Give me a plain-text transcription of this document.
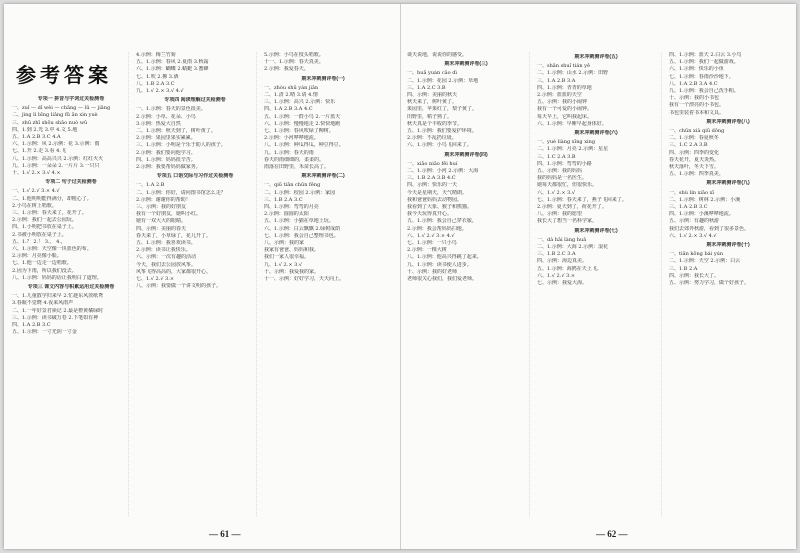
参考答案
专项一 拼音与字词过关检测卷
一、zuǐ — dǐ wèi — chǎng — lǜ — jiāng
二、jìng lì bīng liǎng fǔ ǎn xìn yuè
三、zhū zhī shōu shāo nuò wǔ
四、1.到 2.光 3.中 4.文 5.地
五、1.A 2.B 3.C 4.A
六、1.示例：风 2.示例：花 3.示例：雨
七、1.开 2.走 3.看 4.飞
八、1.示例：高高兴兴 2.示例：红红火火
九、1.示例：一朵朵 2.一片片 3.一只只
十、1.√ 2.× 3.√ 4.×
专项二 句子过关检测卷
一、1.√ 2.√ 3.× 4.√
二、1.他明明能得满分，却粗心了。
2.小鸟在树上唱歌。
三、1.示例：春天来了，花开了。
2.示例：我们一起去公园玩。
四、1.小明把书放在桌子上。
2.书被小明放在桌子上。
五、1.？ 2.！ 3.。 4.，
六、1.示例：天空像一块蓝色的布。
2.示例：月亮像小船。
七、1.他一边走一边唱歌。
2.因为下雨，所以我们没去。
八、1.示例：妈妈的话让我明白了道理。
专项三 课文内容与积累运用过关检测卷
一、1.儿童散学归来早 2.忙趁东风放纸鸢
3.春眠不觉晓 4.夜来风雨声
二、1.一年好景君须记 2.最是橙黄橘绿时
三、1.示例：读书破万卷 2.下笔如有神
四、1.A 2.B 3.C
五、1.示例：一寸光阴一寸金
4.示例：梅兰竹菊
五、1.示例：春风 2.夏雨 3.秋霜
六、1.示例：蝴蝶 2.蜻蜓 3.蜜蜂
七、1.吹 2.拂 3.洒
八、1.B 2.A 3.C
九、1.√ 2.× 3.√ 4.√
专项四 阅读理解过关检测卷
一、1.示例：春天的景色很美。
2.示例：小草、花朵、小鸟
3.示例：热爱大自然
二、1.示例：秋天到了，树叶黄了。
2.示例：果园里果实累累。
三、1.示例：小明是个乐于助人的孩子。
2.示例：我们要向他学习。
四、1.示例：妈妈很辛苦。
2.示例：我要帮妈妈做家务。
专项五 口语交际与习作过关检测卷
一、1.A 2.B
二、1.示例：你好，请问图书馆怎么走？
2.示例：谢谢你的帮助！
三、示例：我的好朋友
我有一个好朋友，她叫小红。
她有一双大大的眼睛。
四、示例：美丽的春天
春天来了，小草绿了，花儿开了。
五、1.示例：我喜欢读书。
2.示例：读书让我快乐。
六、示例：一次有趣的活动
今天，我们去公园放风筝。
风筝飞得高高的，大家都很开心。
七、1.√ 2.√ 3.×
八、示例：我要做一个讲文明的孩子。
5.示例：小鸟在枝头唱歌。
十一、1.示例：春天真美。
2.示例：我爱春天。
期末冲刺测评卷(一)
一、zhòu shū yán jiǎn
二、1.清 2.晴 3.请 4.情
三、1.示例：高兴 2.示例：快乐
四、1.A 2.B 3.A 4.C
五、1.示例：一群小鸟 2.一片蓝天
六、1.示例：慢慢地走 2.快快地跑
七、1.示例：春风吹绿了柳树。
2.示例：小河哗哗地流。
八、1.示例：种瓜得瓜，种豆得豆。
九、1.示例：春天的雨
春天的雨细细的，柔柔的。
雨落在田野里，禾苗长高了。
期末冲刺测评卷(二)
一、qiū tiān chūn fēng
二、1.示例：校园 2.示例：家园
三、1.B 2.A 3.C
四、1.示例：弯弯的月亮
2.示例：圆圆的太阳
五、1.示例：小猫在草地上玩。
六、1.示例：白云飘飘 2.绿树成荫
七、1.示例：我会自己整理书包。
八、示例：我的家
我家有爸爸、妈妈和我。
我们一家人很幸福。
九、1.√ 2.× 3.√
十、示例：我爱我的家。
十一、示例：好好学习，天天向上。
— 61 —
谈天说地，说说你的感受。
期末冲刺测评卷(三)
一、huā yuán cǎo dì
二、1.示例：花园 2.示例：草地
三、1.A 2.C 3.B
四、示例：美丽的秋天
秋天来了，树叶黄了。
果园里，苹果红了，梨子黄了。
田野里，稻子熟了。
秋天真是个丰收的季节。
五、1.示例：我们要爱护环境。
2.示例：不乱扔垃圾。
六、1.示例：小鸟飞回来了。
期末冲刺测评卷(四)
一、xiǎo niǎo fēi huí
二、1.示例：小河 2.示例：大海
三、1.B 2.A 3.B 4.C
四、示例：快乐的一天
今天是星期天，天气晴朗。
我和爸爸妈妈去动物园。
我看到了大象、猴子和熊猫。
我今天玩得真开心。
五、1.示例：我会自己穿衣服。
2.示例：我会帮妈妈扫地。
六、1.√ 2.√ 3.× 4.√
七、1.示例：一只小鸟
2.示例：一棵大树
八、1.示例：他高兴得跳了起来。
九、1.示例：读书使人进步。
十、示例：我的好老师
老师很关心我们，我们爱老师。
期末冲刺测评卷(五)
一、shān shuǐ tián yě
二、1.示例：山水 2.示例：田野
三、1.A 2.B 3.A
四、1.示例：青青的草地
2.示例：蓝蓝的天空
五、示例：我的小闹钟
我有一个可爱的小闹钟。
每天早上，它叫我起床。
六、1.示例：早睡早起身体好。
期末冲刺测评卷(六)
一、yuè liàng xīng xing
二、1.示例：月亮 2.示例：星星
三、1.C 2.A 3.B
四、1.示例：弯弯的小路
五、示例：我的妈妈
我的妈妈是一名医生。
她每天都很忙，但很快乐。
六、1.√ 2.× 3.√
七、1.示例：春天来了，燕子飞回来了。
2.示例：夏天到了，荷花开了。
八、示例：我的愿望
我长大了想当一名科学家。
期末冲刺测评卷(七)
一、dà hǎi làng huā
二、1.示例：大海 2.示例：浪花
三、1.B 2.C 3.A
四、示例：海边真美。
五、1.示例：海鸥在天上飞。
六、1.√ 2.√ 3.×
七、示例：我爱大海。
四、1.示例：蓝天 2.白云 3.小鸟
五、1.示例：我们一起做游戏。
六、1.示例：快乐的小鱼
七、1.示例：春雨沙沙地下。
八、1.A 2.B 3.A 4.C
九、1.示例：我会自己洗手帕。
十、示例：我的小书包
我有一个漂亮的小书包。
书包里装着书本和文具。
期末冲刺测评卷(八)
一、chūn xià qiū dōng
二、1.示例：春夏秋冬
三、1.C 2.A 3.B
四、示例：四季的变化
春天花开，夏天炎热。
秋天落叶，冬天下雪。
五、1.示例：四季真美。
期末冲刺测评卷(九)
一、shù lín xiǎo xī
二、1.示例：树林 2.示例：小溪
三、1.A 2.B 3.C
四、1.示例：小溪哗哗地流。
五、示例：有趣的秋游
我们去郊外秋游，看到了很多景色。
六、1.√ 2.× 3.√ 4.√
期末冲刺测评卷(十)
一、tiān kōng bái yún
二、1.示例：天空 2.示例：白云
三、1.B 2.A
四、示例：我长大了。
五、示例：努力学习，做个好孩子。
— 62 —
